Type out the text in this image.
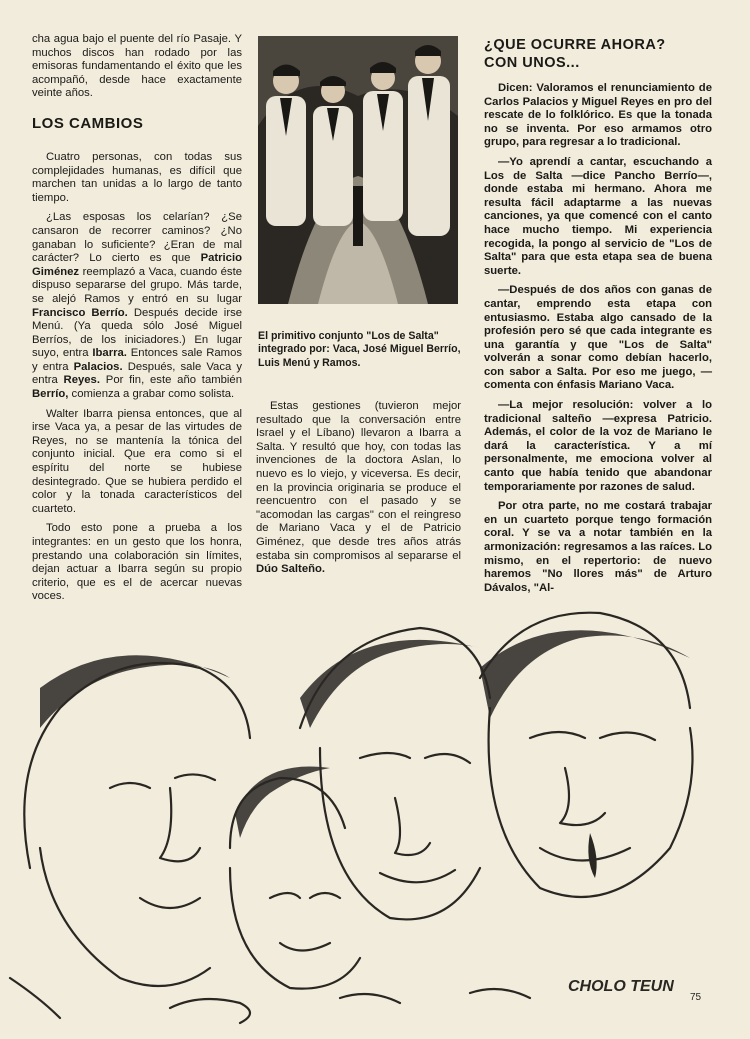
cha agua bajo el puente del río Pasaje. Y muchos discos han rodado por las emisoras fundamentando el éxito que les acompañó, desde hace exactamente veinte años.

LOS CAMBIOS

Cuatro personas, con todas sus complejidades humanas, es difícil que marchen tan unidas a lo largo de tanto tiempo.

¿Las esposas los celarían? ¿Se cansaron de recorrer caminos? ¿No ganaban lo suficiente? ¿Eran de mal carácter? Lo cierto es que Patricio Giménez reemplazó a Vaca, cuando éste dispuso separarse del grupo. Más tarde, se alejó Ramos y entró en su lugar Francisco Berrío. Después decide irse Menú. (Ya queda sólo José Miguel Berríos, de los iniciadores.) En lugar suyo, entra Ibarra. Entonces sale Ramos y entra Palacios. Después, sale Vaca y entra Reyes. Por fin, este año también Berrío, comienza a grabar como solista.

Walter Ibarra piensa entonces, que al irse Vaca ya, a pesar de las virtudes de Reyes, no se mantenía la tónica del conjunto inicial. Que era como si el espíritu del norte se hubiese desintegrado. Que se hubiera perdido el color y la tonada característicos del cuarteto.

Todo esto pone a prueba a los integrantes: en un gesto que los honra, prestando una colaboración sin límites, dejan actuar a Ibarra según su propio criterio, que es el de acercar nuevas voces.

El primitivo conjunto "Los de Salta" integrado por: Vaca, José Miguel Berrío, Luis Menú y Ramos.

Estas gestiones (tuvieron mejor resultado que la conversación entre Israel y el Líbano) llevaron a Ibarra a Salta. Y resultó que hoy, con todas las invenciones de la doctora Aslan, lo nuevo es lo viejo, y viceversa. Es decir, en la provincia originaria se produce el reencuentro con el pasado y se "acomodan las cargas" con el reingreso de Mariano Vaca y el de Patricio Giménez, que desde tres años atrás estaba sin compromisos al separarse el Dúo Salteño.

¿QUE OCURRE AHORA?
CON UNOS...

Dicen: Valoramos el renunciamiento de Carlos Palacios y Miguel Reyes en pro del rescate de lo folklórico. Es que la tonada no se inventa. Por eso armamos otro grupo, para regresar a lo tradicional.

—Yo aprendí a cantar, escuchando a Los de Salta —dice Pancho Berrío—, donde estaba mi hermano. Ahora me resulta fácil adaptarme a las nuevas canciones, ya que comencé con el canto hace mucho tiempo. Mi experiencia recogida, la pongo al servicio de "Los de Salta" para que esta etapa sea de buena suerte.

—Después de dos años con ganas de cantar, emprendo esta etapa con entusiasmo. Estaba algo cansado de la profesión pero sé que cada integrante es una garantía y que "Los de Salta" volverán a sonar como debían hacerlo, con sabor a Salta. Por eso me juego, —comenta con énfasis Mariano Vaca.

—La mejor resolución: volver a lo tradicional salteño —expresa Patricio. Además, el color de la voz de Mariano le dará la característica. Y a mí personalmente, me emociona volver al canto que había tenido que abandonar temporariamente por razones de salud.

Por otra parte, no me costará trabajar en un cuarteto porque tengo formación coral. Y se va a notar también en la armonización: regresamos a las raíces. Lo mismo, en el repertorio: de nuevo haremos "No llores más" de Arturo Dávalos, "Al-

CHOLO TEUN
75
